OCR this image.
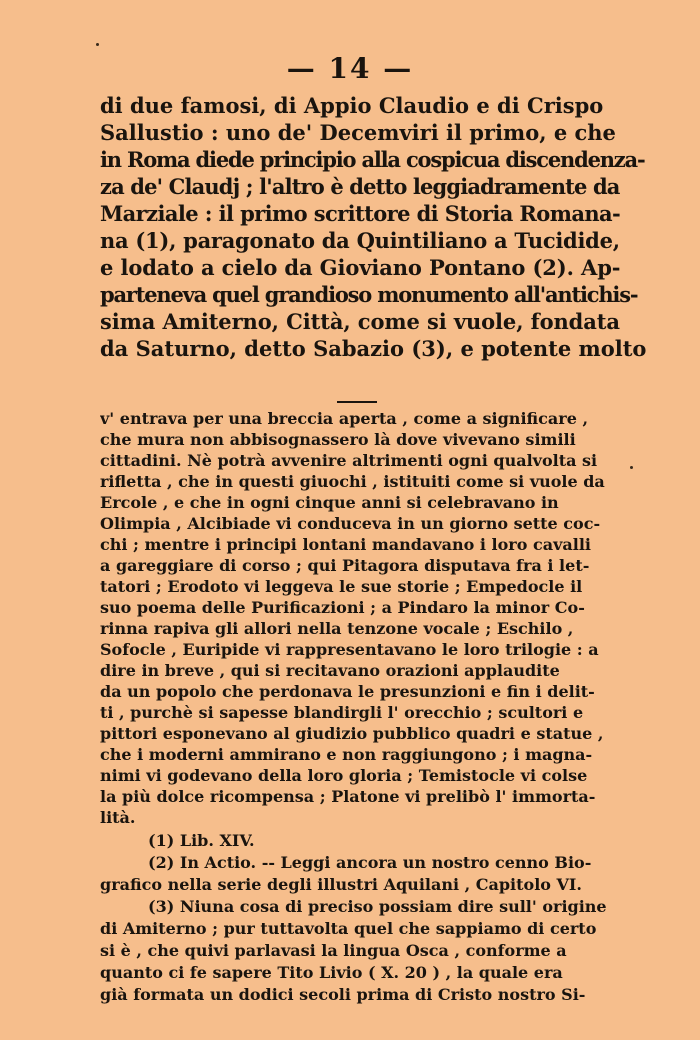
— 14 —
di due famosi, di Appio Claudio e di Crispo
Sallustio : uno de' Decemviri il primo, e che
in Roma diede principio alla cospicua discendenza-
za de' Claudj ; l'altro è detto leggiadramente da
Marziale : il primo scrittore di Storia Romana-
na (1), paragonato da Quintiliano a Tucidide,
e lodato a cielo da Gioviano Pontano (2). Ap-
parteneva quel grandioso monumento all'antichis-
sima Amiterno, Città, come si vuole, fondata
da Saturno, detto Sabazio (3), e potente molto
v' entrava per una breccia aperta , come a significare ,
che mura non abbisognassero là dove vivevano simili
cittadini. Nè potrà avvenire altrimenti ogni qualvolta si
rifletta , che in questi giuochi , istituiti come si vuole da
Ercole , e che in ogni cinque anni si celebravano in
Olimpia , Alcibiade vi conduceva in un giorno sette coc-
chi ; mentre i principi lontani mandavano i loro cavalli
a gareggiare di corso ; qui Pitagora disputava fra i let-
tatori ; Erodoto vi leggeva le sue storie ; Empedocle il
suo poema delle Purificazioni ; a Pindaro la minor Co-
rinna rapiva gli allori nella tenzone vocale ; Eschilo ,
Sofocle , Euripide vi rappresentavano le loro trilogie : a
dire in breve , qui si recitavano orazioni applaudite
da un popolo che perdonava le presunzioni e fin i delit-
ti , purchè si sapesse blandirgli l' orecchio ; scultori e
pittori esponevano al giudizio pubblico quadri e statue ,
che i moderni ammirano e non raggiungono ; i magna-
nimi vi godevano della loro gloria ; Temistocle vi colse
la più dolce ricompensa ; Platone vi prelibò l' immorta-
lità.
(1) Lib. XIV.
(2) In Actio. -- Leggi ancora un nostro cenno Bio-
grafico nella serie degli illustri Aquilani , Capitolo VI.
(3) Niuna cosa di preciso possiam dire sull' origine
di Amiterno ; pur tuttavolta quel che sappiamo di certo
si è , che quivi parlavasi la lingua Osca , conforme a
quanto ci fe sapere Tito Livio ( X. 20 ) , la quale era
già formata un dodici secoli prima di Cristo nostro Si-
